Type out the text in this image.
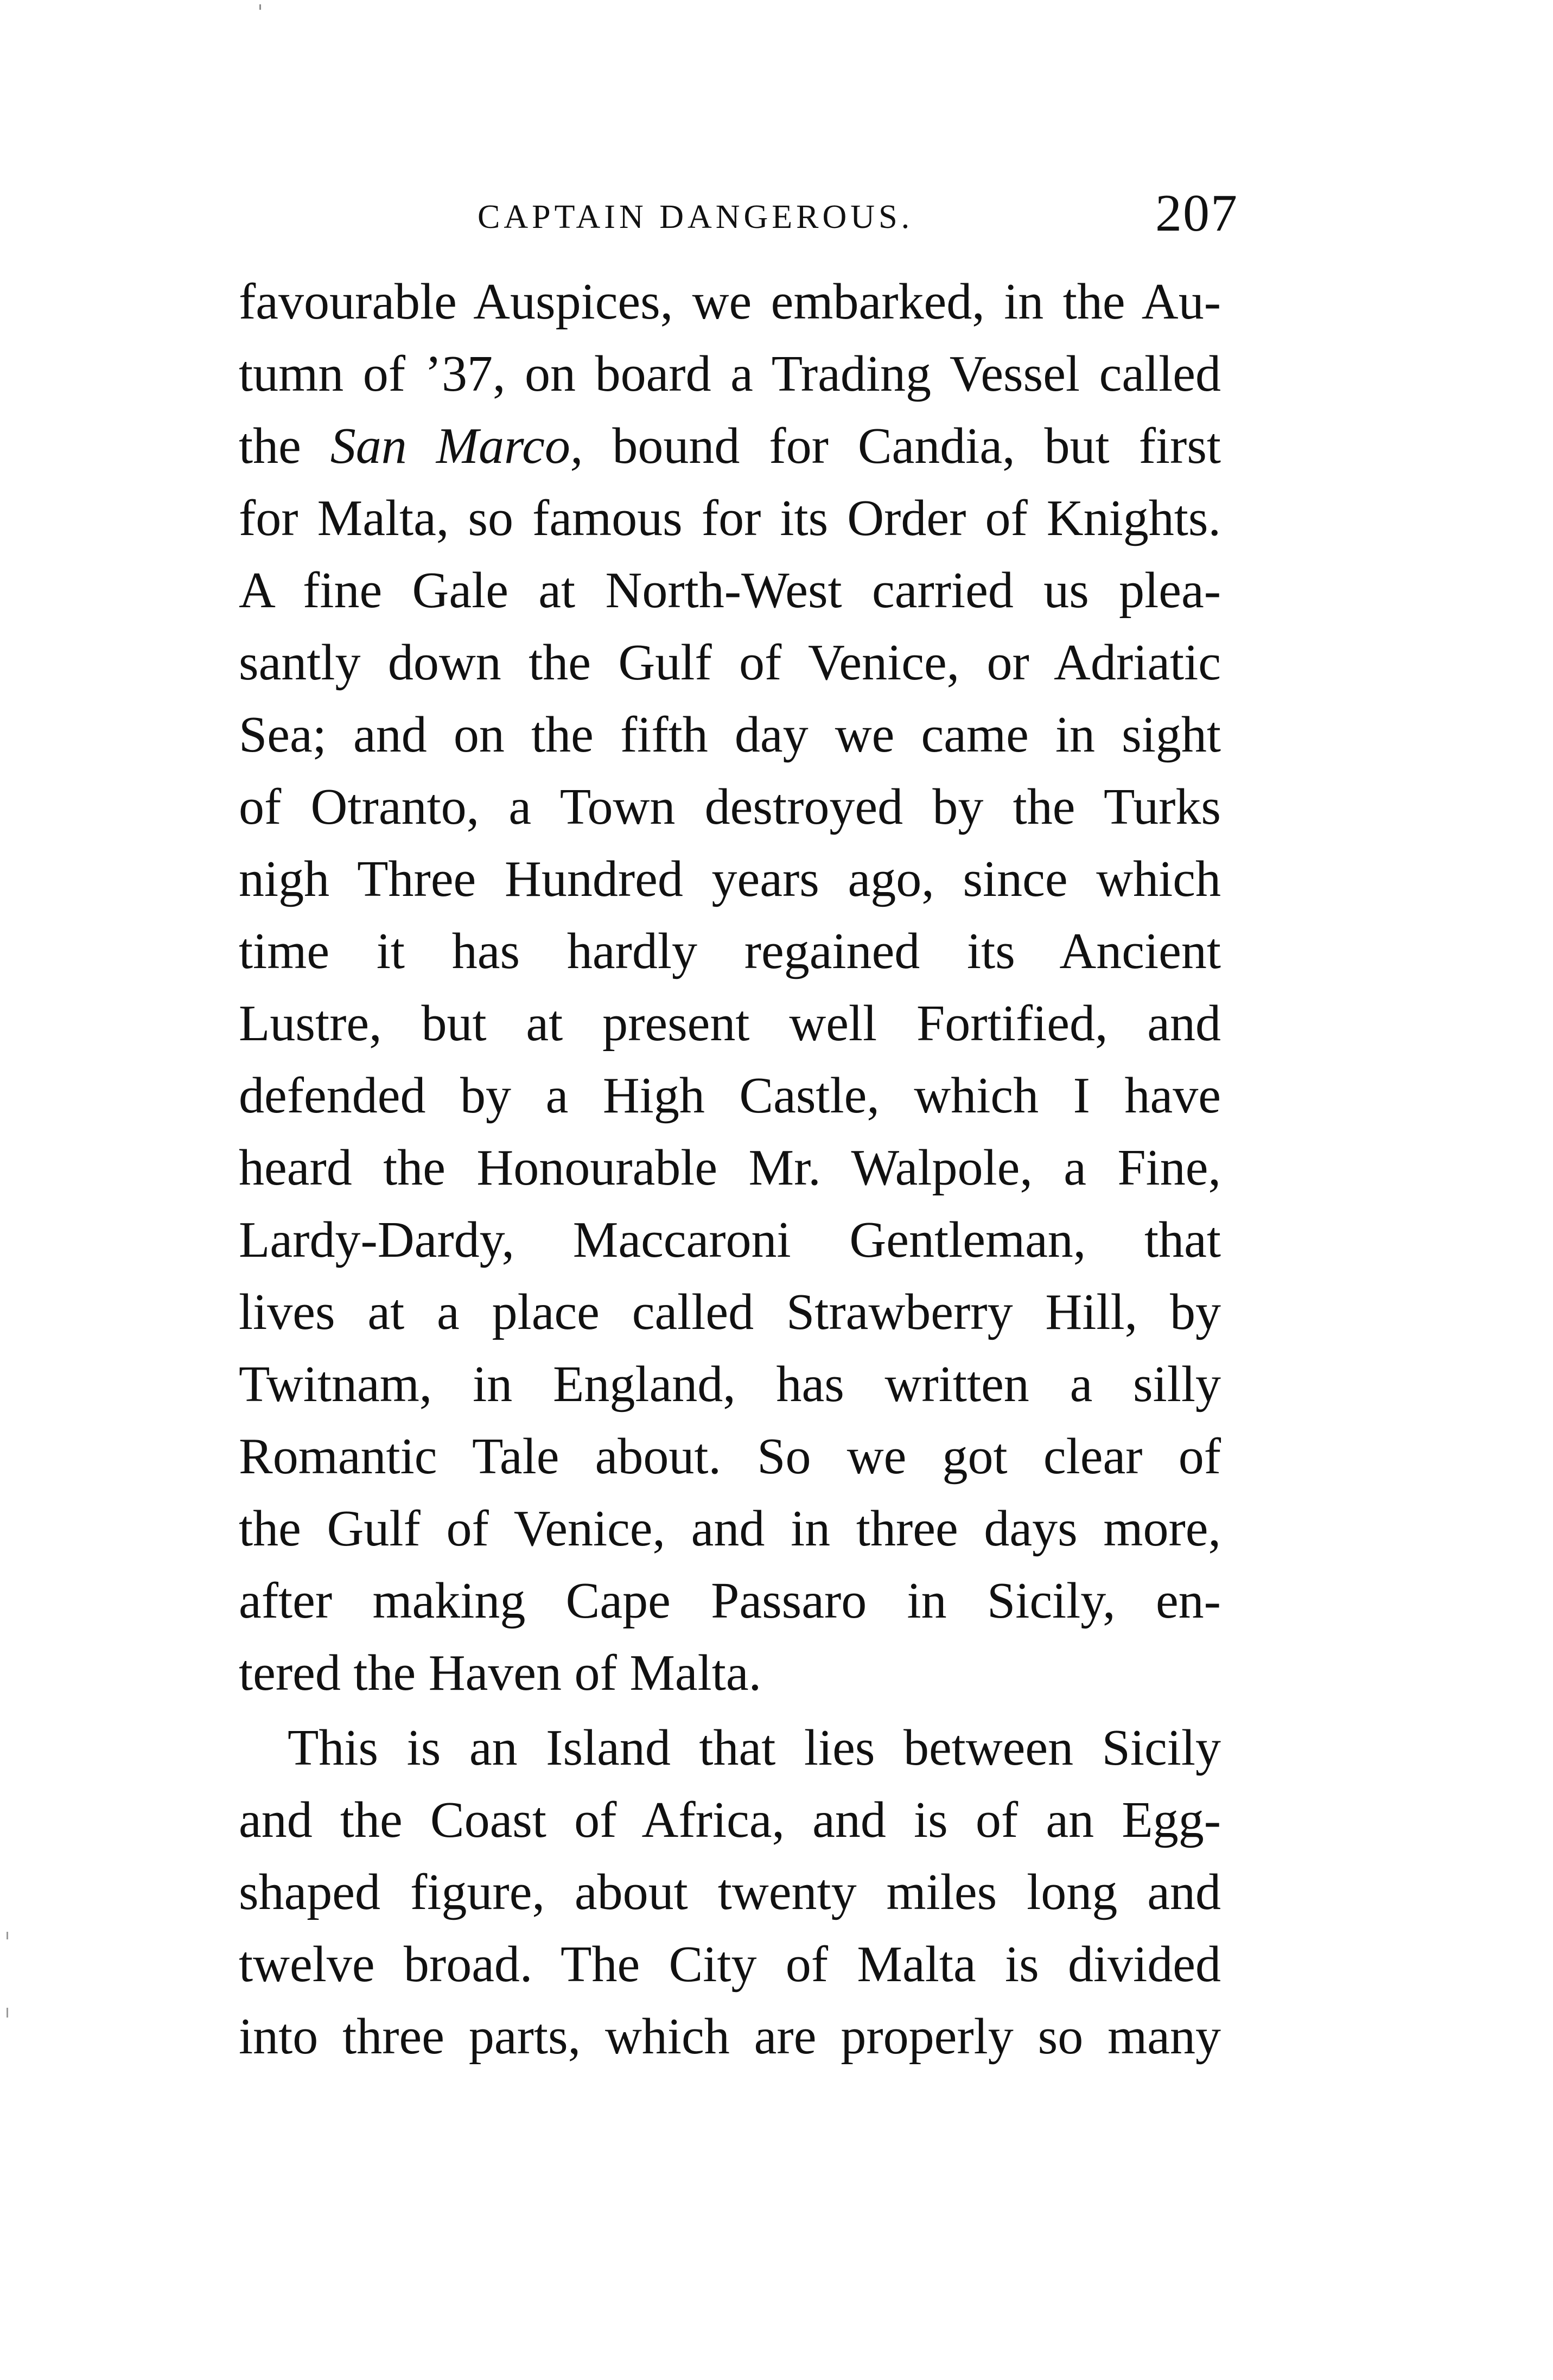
CAPTAIN DANGEROUS.	207
favourable Auspices, we embarked, in the Au-
tumn of ’37, on board a Trading Vessel called
the San Marco, bound for Candia, but first
for Malta, so famous for its Order of Knights.
A fine Gale at North-West carried us plea-
santly down the Gulf of Venice, or Adriatic
Sea; and on the fifth day we came in sight
of Otranto, a Town destroyed by the Turks
nigh Three Hundred years ago, since which
time it has hardly regained its Ancient
Lustre, but at present well Fortified, and
defended by a High Castle, which I have
heard the Honourable Mr. Walpole, a Fine,
Lardy-Dardy, Maccaroni Gentleman, that
lives at a place called Strawberry Hill, by
Twitnam, in England, has written a silly
Romantic Tale about. So we got clear of
the Gulf of Venice, and in three days more,
after making Cape Passaro in Sicily, en-
tered the Haven of Malta.
This is an Island that lies between Sicily
and the Coast of Africa, and is of an Egg-
shaped figure, about twenty miles long and
twelve broad. The City of Malta is divided
into three parts, which are properly so many
